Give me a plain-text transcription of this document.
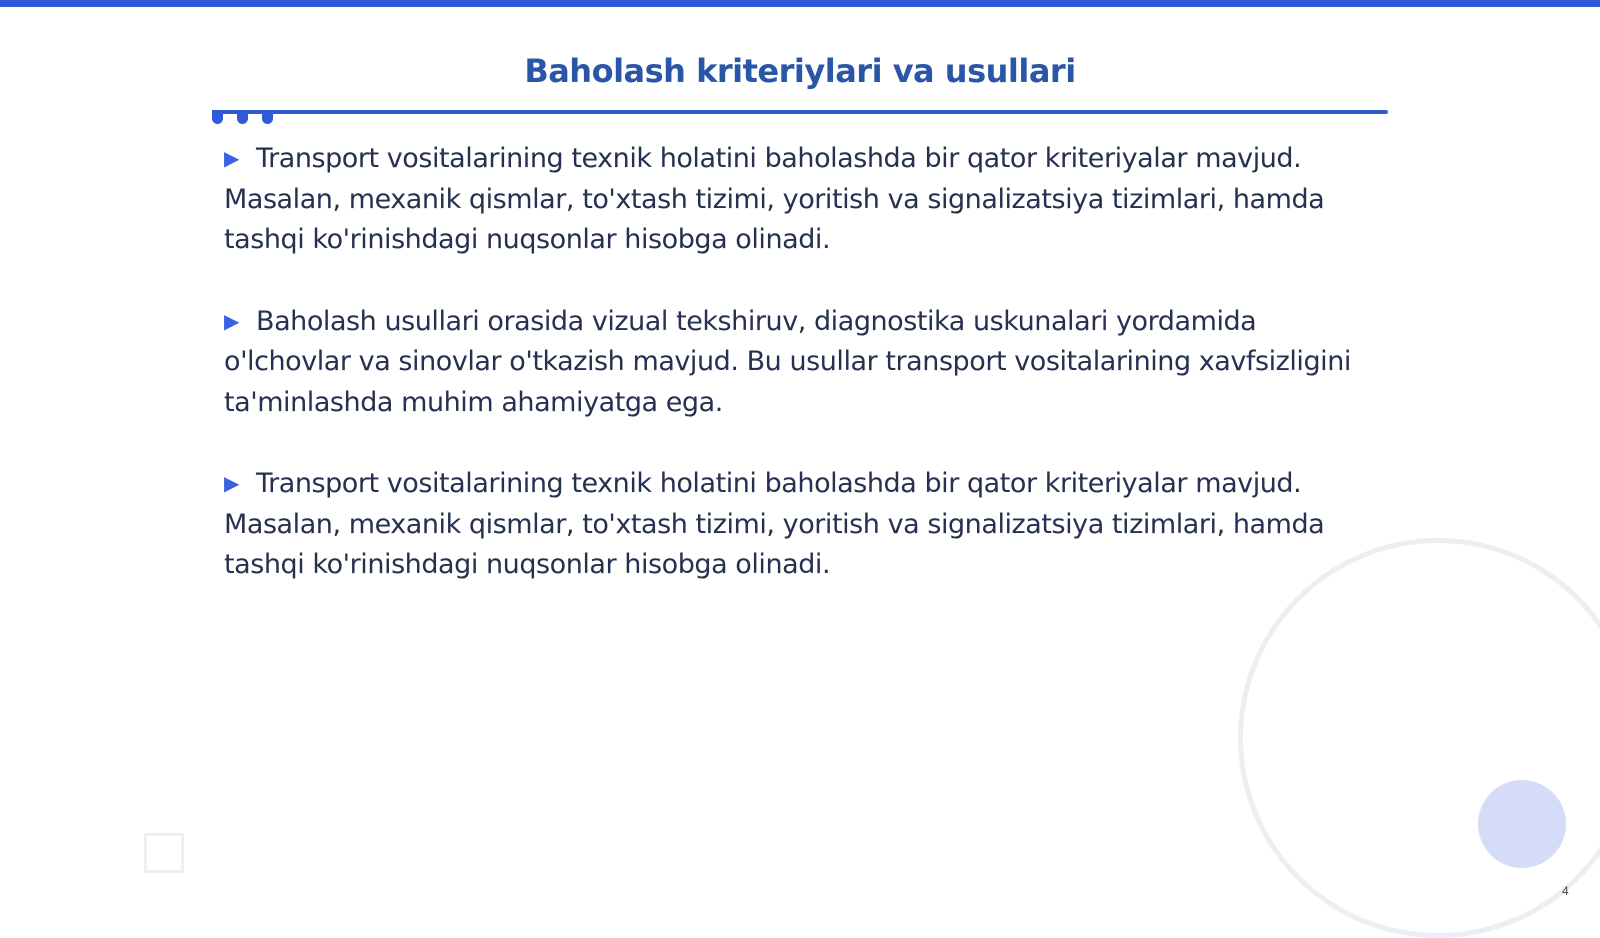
Baholash kriteriylari va usullari

▶ Transport vositalarining texnik holatini baholashda bir qator kriteriyalar mavjud. Masalan, mexanik qismlar, to'xtash tizimi, yoritish va signalizatsiya tizimlari, hamda tashqi ko'rinishdagi nuqsonlar hisobga olinadi.

▶ Baholash usullari orasida vizual tekshiruv, diagnostika uskunalari yordamida o'lchovlar va sinovlar o'tkazish mavjud. Bu usullar transport vositalarining xavfsizligini ta'minlashda muhim ahamiyatga ega.

▶ Transport vositalarining texnik holatini baholashda bir qator kriteriyalar mavjud. Masalan, mexanik qismlar, to'xtash tizimi, yoritish va signalizatsiya tizimlari, hamda tashqi ko'rinishdagi nuqsonlar hisobga olinadi.

4
